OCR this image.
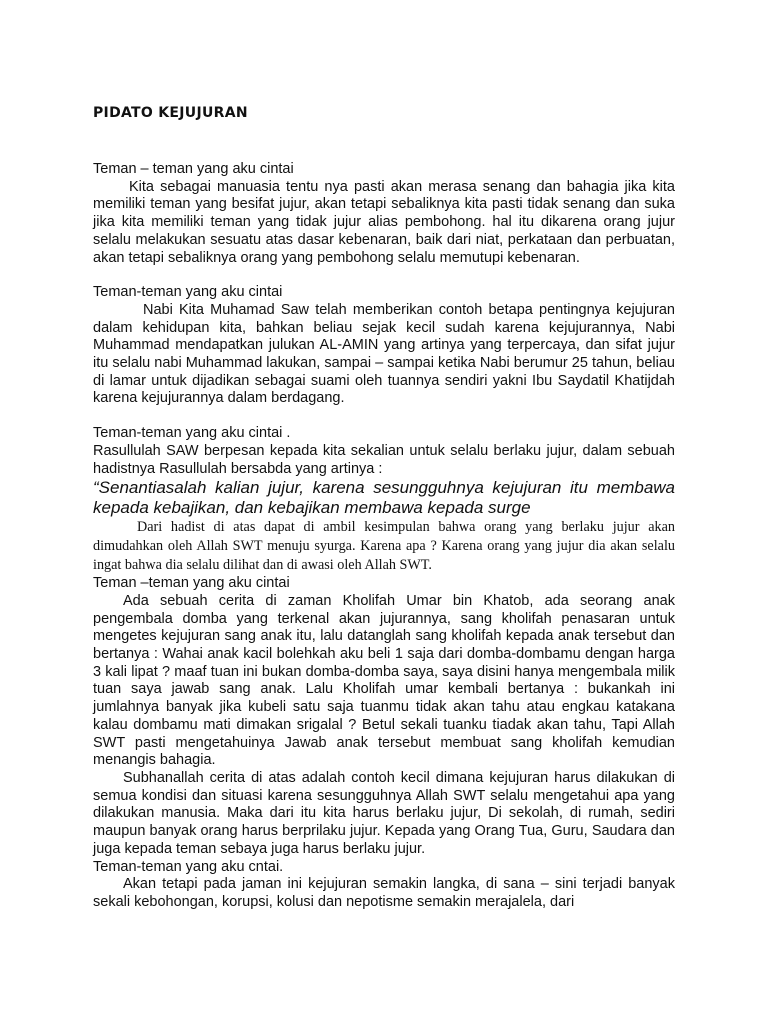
PIDATO KEJUJURAN

Teman – teman yang aku cintai

Kita sebagai manuasia tentu nya pasti akan merasa senang dan bahagia jika kita memiliki teman yang besifat jujur, akan tetapi sebaliknya kita pasti tidak senang dan suka jika kita memiliki teman yang tidak jujur alias pembohong. hal itu dikarena orang jujur selalu melakukan sesuatu atas dasar kebenaran, baik dari niat, perkataan dan perbuatan, akan tetapi sebaliknya orang yang pembohong selalu memutupi kebenaran.

Teman-teman yang aku cintai

Nabi Kita Muhamad Saw telah memberikan contoh betapa pentingnya kejujuran dalam kehidupan kita, bahkan beliau sejak kecil sudah karena kejujurannya, Nabi Muhammad mendapatkan julukan AL-AMIN yang artinya yang terpercaya, dan sifat jujur itu selalu nabi Muhammad lakukan, sampai – sampai ketika Nabi berumur 25 tahun, beliau di lamar untuk dijadikan sebagai suami oleh tuannya sendiri yakni Ibu Saydatil Khatijdah karena kejujurannya dalam berdagang.

Teman-teman yang aku cintai .

Rasullulah SAW berpesan kepada kita sekalian untuk selalu berlaku jujur, dalam sebuah hadistnya Rasullulah bersabda yang artinya :

“Senantiasalah kalian jujur, karena sesungguhnya kejujuran itu membawa kepada kebajikan, dan kebajikan membawa kepada surge

Dari hadist di atas dapat di ambil kesimpulan bahwa orang yang berlaku jujur akan dimudahkan oleh Allah SWT menuju syurga. Karena apa ? Karena orang yang jujur dia akan selalu ingat bahwa dia selalu dilihat dan di awasi oleh Allah SWT.

Teman –teman yang aku cintai

Ada sebuah cerita di zaman Kholifah Umar bin Khatob, ada seorang anak pengembala domba yang terkenal akan jujurannya, sang kholifah penasaran untuk mengetes kejujuran sang anak itu, lalu datanglah sang kholifah kepada anak tersebut dan bertanya : Wahai anak kacil bolehkah aku beli 1 saja dari domba-dombamu dengan harga 3 kali lipat ? maaf tuan ini bukan domba-domba saya, saya disini hanya mengembala milik tuan saya jawab sang anak. Lalu Kholifah umar kembali bertanya : bukankah ini jumlahnya banyak jika kubeli satu saja tuanmu tidak akan tahu atau engkau katakana kalau dombamu mati dimakan srigalal ? Betul sekali tuanku tiadak akan tahu, Tapi Allah SWT pasti mengetahuinya Jawab anak tersebut membuat sang kholifah kemudian menangis bahagia.

Subhanallah cerita di atas adalah contoh kecil dimana kejujuran harus dilakukan di semua kondisi dan situasi karena sesungguhnya Allah SWT selalu mengetahui apa yang dilakukan manusia. Maka dari itu kita harus berlaku jujur, Di sekolah, di rumah, sediri maupun banyak orang harus berprilaku jujur. Kepada yang Orang Tua, Guru, Saudara dan juga kepada teman sebaya juga harus berlaku jujur.

Teman-teman yang aku cntai.

Akan tetapi pada jaman ini kejujuran semakin langka, di sana – sini terjadi banyak sekali kebohongan, korupsi, kolusi dan nepotisme semakin merajalela, dari
